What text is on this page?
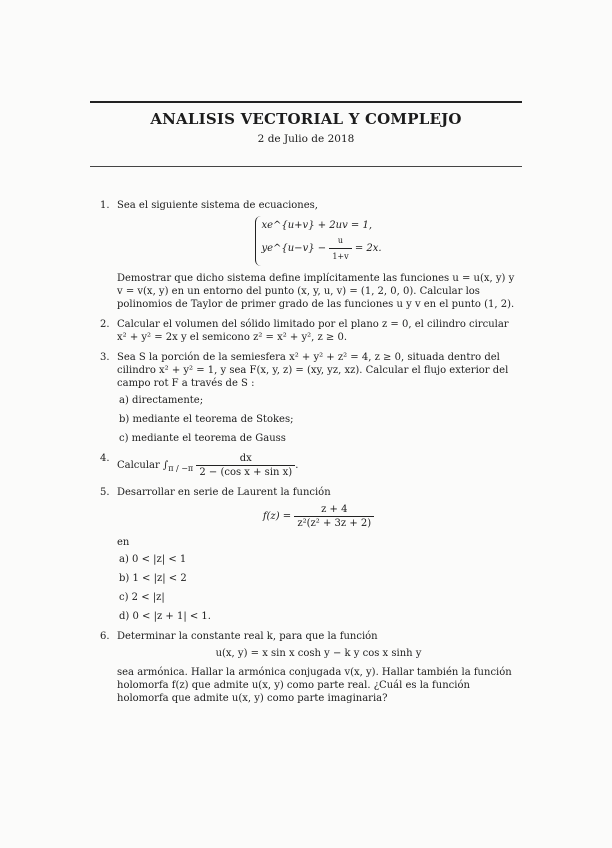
ANALISIS VECTORIAL Y COMPLEJO
2 de Julio de 2018
1. Sea el siguiente sistema de ecuaciones,

xe^{u+v} + 2uv = 1,
ye^{u−v} − $\frac{u}{1+v} = 2x$.

Demostrar que dicho sistema define implícitamente las funciones u = u(x, y) y v = v(x, y) en un entorno del punto (x, y, u, v) = (1, 2, 0, 0). Calcular los polinomios de Taylor de primer grado de las funciones u y v en el punto (1, 2).

2. Calcular el volumen del sólido limitado por el plano z = 0, el cilindro circular x² + y² = 2x y el semicono z² = x² + y², z ≥ 0.

3. Sea S la porción de la semiesfera x² + y² + z² = 4, z ≥ 0, situada dentro del cilindro x² + y² = 1, y sea F(x, y, z) = (xy, yz, xz). Calcular el flujo exterior del campo rot F a través de S :

a) directamente;
b) mediante el teorema de Stokes;
c) mediante el teorema de Gauss
4.

Calcular $\int_{\pi / -\pi} \frac{dx}{\text{2 − (cos x + sin x)}}$ .

5. Desarrollar en serie de Laurent la función

$f(z) = \frac{z + 4}{\text{z²(z² + 3z + 2)}}$

en

a) 0 < |z| < 1
b) 1 < |z| < 2
c) 2 < |z|
d) 0 < |z + 1| < 1.
6. Determinar la constante real k, para que la función

u(x, y) = x sin x cosh y − k y cos x sinh y

sea armónica. Hallar la armónica conjugada v(x, y). Hallar también la función holomorfa f(z) que admite u(x, y) como parte real. ¿Cuál es la función holomorfa que admite u(x, y) como parte imaginaria?
